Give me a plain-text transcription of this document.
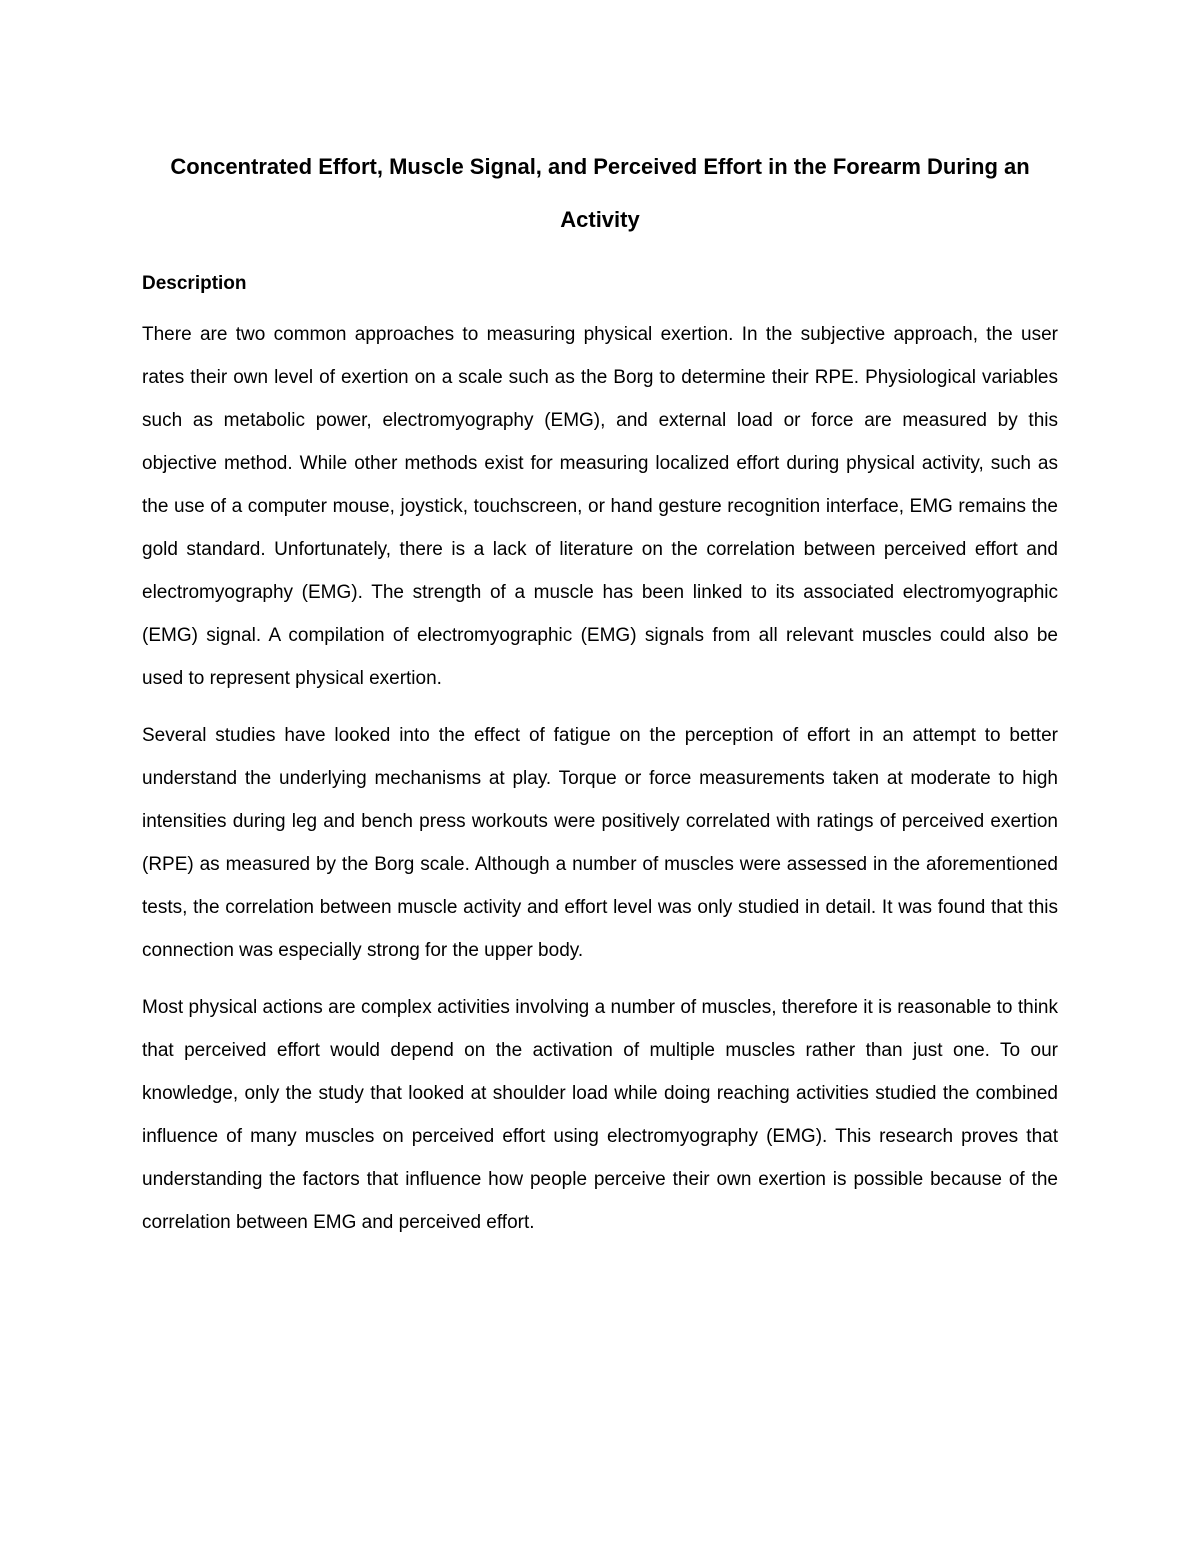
Concentrated Effort, Muscle Signal, and Perceived Effort in the Forearm During an Activity
Description

There are two common approaches to measuring physical exertion. In the subjective approach, the user rates their own level of exertion on a scale such as the Borg to determine their RPE. Physiological variables such as metabolic power, electromyography (EMG), and external load or force are measured by this objective method. While other methods exist for measuring localized effort during physical activity, such as the use of a computer mouse, joystick, touchscreen, or hand gesture recognition interface, EMG remains the gold standard. Unfortunately, there is a lack of literature on the correlation between perceived effort and electromyography (EMG). The strength of a muscle has been linked to its associated electromyographic (EMG) signal. A compilation of electromyographic (EMG) signals from all relevant muscles could also be used to represent physical exertion.

Several studies have looked into the effect of fatigue on the perception of effort in an attempt to better understand the underlying mechanisms at play. Torque or force measurements taken at moderate to high intensities during leg and bench press workouts were positively correlated with ratings of perceived exertion (RPE) as measured by the Borg scale. Although a number of muscles were assessed in the aforementioned tests, the correlation between muscle activity and effort level was only studied in detail. It was found that this connection was especially strong for the upper body.

Most physical actions are complex activities involving a number of muscles, therefore it is reasonable to think that perceived effort would depend on the activation of multiple muscles rather than just one. To our knowledge, only the study that looked at shoulder load while doing reaching activities studied the combined influence of many muscles on perceived effort using electromyography (EMG). This research proves that understanding the factors that influence how people perceive their own exertion is possible because of the correlation between EMG and perceived effort.
